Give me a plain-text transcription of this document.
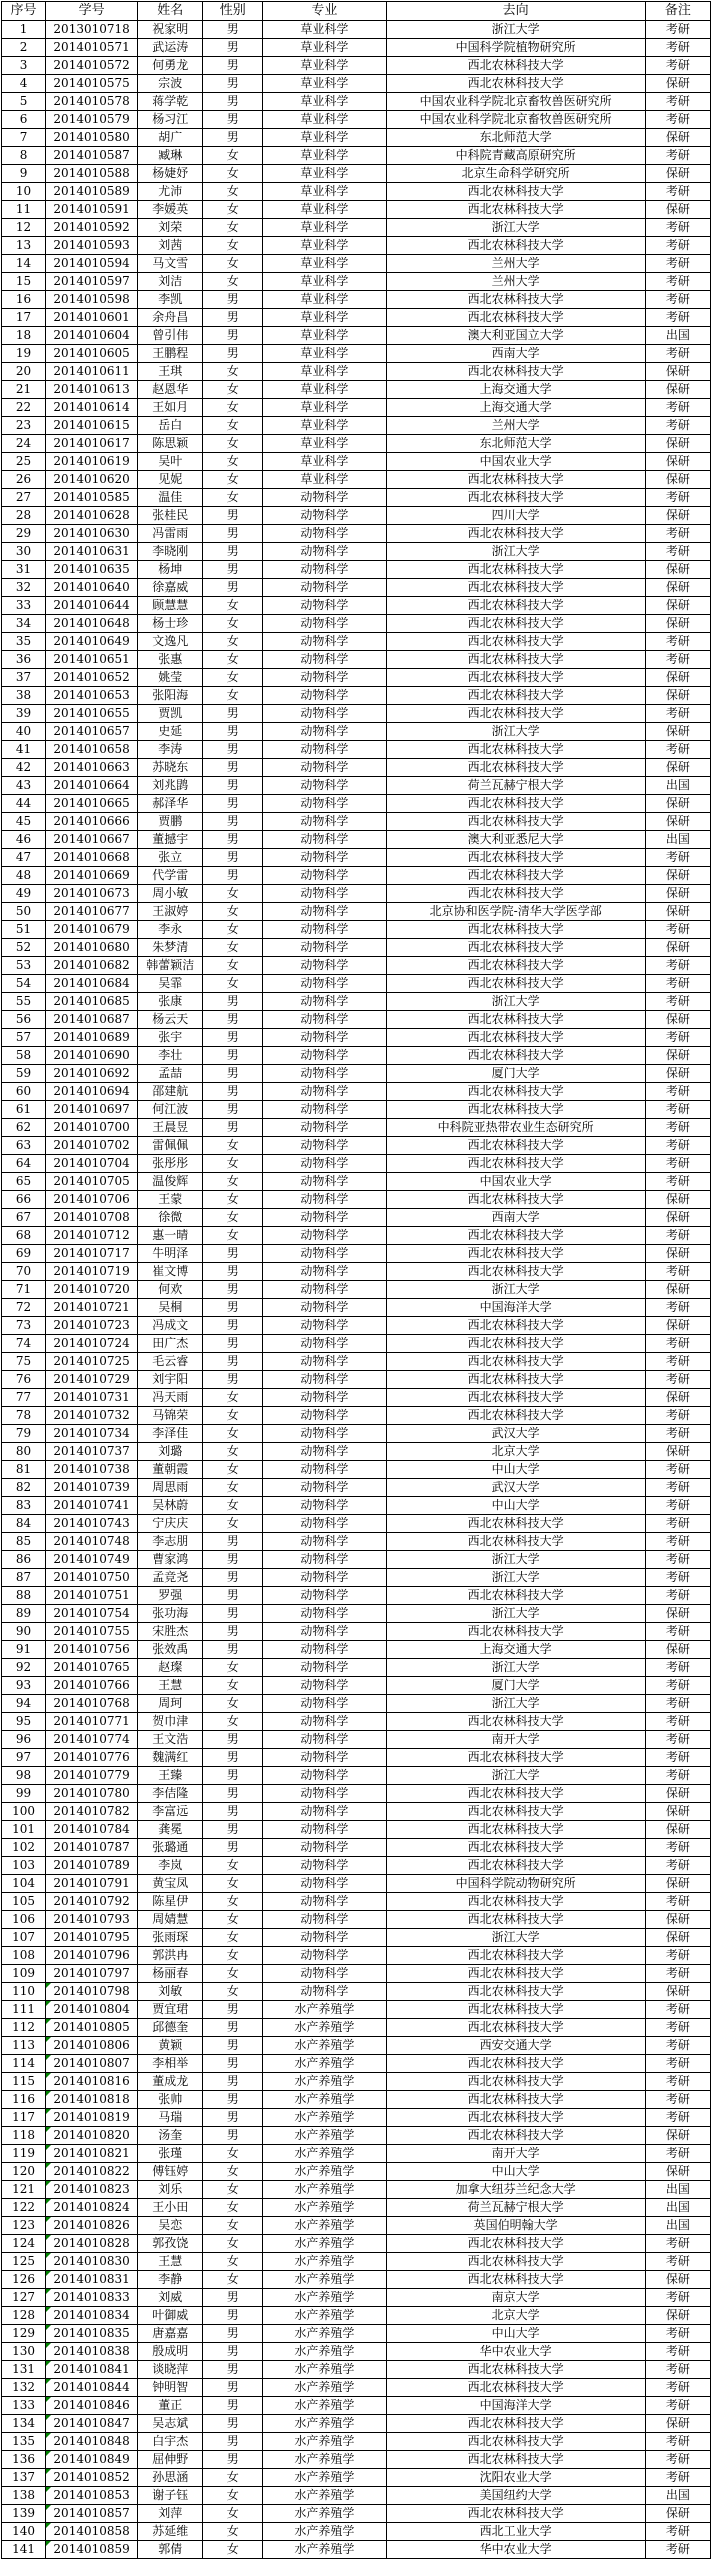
序号	学号	姓名	性别	专业	去向	备注
1	2013010718	祝家明	男	草业科学	浙江大学	考研
2	2014010571	武运涛	男	草业科学	中国科学院植物研究所	考研
3	2014010572	何勇龙	男	草业科学	西北农林科技大学	考研
4	2014010575	宗波	男	草业科学	西北农林科技大学	保研
5	2014010578	蒋学乾	男	草业科学	中国农业科学院北京畜牧兽医研究所	考研
6	2014010579	杨习江	男	草业科学	中国农业科学院北京畜牧兽医研究所	考研
7	2014010580	胡广	男	草业科学	东北师范大学	保研
8	2014010587	臧琳	女	草业科学	中科院青藏高原研究所	考研
9	2014010588	杨婕妤	女	草业科学	北京生命科学研究所	保研
10	2014010589	尤沛	女	草业科学	西北农林科技大学	考研
11	2014010591	李媛英	女	草业科学	西北农林科技大学	保研
12	2014010592	刘荣	女	草业科学	浙江大学	考研
13	2014010593	刘茜	女	草业科学	西北农林科技大学	考研
14	2014010594	马文雪	女	草业科学	兰州大学	考研
15	2014010597	刘洁	女	草业科学	兰州大学	考研
16	2014010598	李凯	男	草业科学	西北农林科技大学	考研
17	2014010601	余舟昌	男	草业科学	西北农林科技大学	考研
18	2014010604	曾引伟	男	草业科学	澳大利亚国立大学	出国
19	2014010605	王鹏程	男	草业科学	西南大学	考研
20	2014010611	王琪	女	草业科学	西北农林科技大学	保研
21	2014010613	赵恩华	女	草业科学	上海交通大学	保研
22	2014010614	王如月	女	草业科学	上海交通大学	考研
23	2014010615	岳白	女	草业科学	兰州大学	考研
24	2014010617	陈思颖	女	草业科学	东北师范大学	保研
25	2014010619	吴叶	女	草业科学	中国农业大学	保研
26	2014010620	见妮	女	草业科学	西北农林科技大学	保研
27	2014010585	温佳	女	动物科学	西北农林科技大学	考研
28	2014010628	张桂民	男	动物科学	四川大学	保研
29	2014010630	冯雷雨	男	动物科学	西北农林科技大学	考研
30	2014010631	李晓刚	男	动物科学	浙江大学	考研
31	2014010635	杨坤	男	动物科学	西北农林科技大学	保研
32	2014010640	徐嘉威	男	动物科学	西北农林科技大学	保研
33	2014010644	顾慧慧	女	动物科学	西北农林科技大学	保研
34	2014010648	杨士珍	女	动物科学	西北农林科技大学	保研
35	2014010649	文逸凡	女	动物科学	西北农林科技大学	考研
36	2014010651	张惠	女	动物科学	西北农林科技大学	考研
37	2014010652	姚莹	女	动物科学	西北农林科技大学	保研
38	2014010653	张阳海	女	动物科学	西北农林科技大学	保研
39	2014010655	贾凯	男	动物科学	西北农林科技大学	考研
40	2014010657	史延	男	动物科学	浙江大学	保研
41	2014010658	李涛	男	动物科学	西北农林科技大学	考研
42	2014010663	苏晓东	男	动物科学	西北农林科技大学	保研
43	2014010664	刘兆鹍	男	动物科学	荷兰瓦赫宁根大学	出国
44	2014010665	郝泽华	男	动物科学	西北农林科技大学	保研
45	2014010666	贾鹏	男	动物科学	西北农林科技大学	保研
46	2014010667	董撼宇	男	动物科学	澳大利亚悉尼大学	出国
47	2014010668	张立	男	动物科学	西北农林科技大学	考研
48	2014010669	代学雷	男	动物科学	西北农林科技大学	保研
49	2014010673	周小敏	女	动物科学	西北农林科技大学	保研
50	2014010677	王淑婷	女	动物科学	北京协和医学院-清华大学医学部	保研
51	2014010679	李永	女	动物科学	西北农林科技大学	考研
52	2014010680	朱梦清	女	动物科学	西北农林科技大学	保研
53	2014010682	韩蕾颖洁	女	动物科学	西北农林科技大学	考研
54	2014010684	吴霏	女	动物科学	西北农林科技大学	考研
55	2014010685	张康	男	动物科学	浙江大学	考研
56	2014010687	杨云天	男	动物科学	西北农林科技大学	保研
57	2014010689	张宇	男	动物科学	西北农林科技大学	考研
58	2014010690	李壮	男	动物科学	西北农林科技大学	保研
59	2014010692	孟喆	男	动物科学	厦门大学	保研
60	2014010694	邵建航	男	动物科学	西北农林科技大学	考研
61	2014010697	何江波	男	动物科学	西北农林科技大学	考研
62	2014010700	王晨昱	男	动物科学	中科院亚热带农业生态研究所	考研
63	2014010702	雷佩佩	女	动物科学	西北农林科技大学	考研
64	2014010704	张彤彤	女	动物科学	西北农林科技大学	考研
65	2014010705	温俊辉	女	动物科学	中国农业大学	考研
66	2014010706	王蒙	女	动物科学	西北农林科技大学	保研
67	2014010708	徐微	女	动物科学	西南大学	保研
68	2014010712	惠一晴	女	动物科学	西北农林科技大学	考研
69	2014010717	牛明泽	男	动物科学	西北农林科技大学	保研
70	2014010719	崔文博	男	动物科学	西北农林科技大学	考研
71	2014010720	何欢	男	动物科学	浙江大学	保研
72	2014010721	吴桐	男	动物科学	中国海洋大学	考研
73	2014010723	冯成文	男	动物科学	西北农林科技大学	保研
74	2014010724	田广杰	男	动物科学	西北农林科技大学	考研
75	2014010725	毛云睿	男	动物科学	西北农林科技大学	考研
76	2014010729	刘宇阳	男	动物科学	西北农林科技大学	考研
77	2014010731	冯天雨	女	动物科学	西北农林科技大学	保研
78	2014010732	马锦荣	女	动物科学	西北农林科技大学	考研
79	2014010734	李泽佳	女	动物科学	武汉大学	考研
80	2014010737	刘璐	女	动物科学	北京大学	保研
81	2014010738	董朝霞	女	动物科学	中山大学	考研
82	2014010739	周思雨	女	动物科学	武汉大学	考研
83	2014010741	吴林蔚	女	动物科学	中山大学	考研
84	2014010743	宁庆庆	女	动物科学	西北农林科技大学	考研
85	2014010748	李志朋	男	动物科学	西北农林科技大学	考研
86	2014010749	曹家鸿	男	动物科学	浙江大学	考研
87	2014010750	孟竞尧	男	动物科学	浙江大学	考研
88	2014010751	罗强	男	动物科学	西北农林科技大学	考研
89	2014010754	张功海	男	动物科学	浙江大学	保研
90	2014010755	宋胜杰	男	动物科学	西北农林科技大学	考研
91	2014010756	张效禹	男	动物科学	上海交通大学	保研
92	2014010765	赵璨	女	动物科学	浙江大学	考研
93	2014010766	王慧	女	动物科学	厦门大学	考研
94	2014010768	周珂	女	动物科学	浙江大学	考研
95	2014010771	贺巾津	女	动物科学	西北农林科技大学	考研
96	2014010774	王文浩	男	动物科学	南开大学	考研
97	2014010776	魏满红	男	动物科学	西北农林科技大学	考研
98	2014010779	王臻	男	动物科学	浙江大学	考研
99	2014010780	李佶隆	男	动物科学	西北农林科技大学	保研
100	2014010782	李富远	男	动物科学	西北农林科技大学	保研
101	2014010784	龚冕	男	动物科学	西北农林科技大学	保研
102	2014010787	张璐通	男	动物科学	西北农林科技大学	考研
103	2014010789	李岚	女	动物科学	西北农林科技大学	考研
104	2014010791	黄宝凤	女	动物科学	中国科学院动物研究所	保研
105	2014010792	陈星伊	女	动物科学	西北农林科技大学	考研
106	2014010793	周婧慧	女	动物科学	西北农林科技大学	保研
107	2014010795	张雨琛	女	动物科学	浙江大学	保研
108	2014010796	郭洪冉	女	动物科学	西北农林科技大学	考研
109	2014010797	杨丽春	女	动物科学	西北农林科技大学	考研
110	2014010798	刘敏	女	动物科学	西北农林科技大学	保研
111	2014010804	贾宜珺	男	水产养殖学	西北农林科技大学	考研
112	2014010805	邱德奎	男	水产养殖学	西北农林科技大学	考研
113	2014010806	黄颖	男	水产养殖学	西安交通大学	考研
114	2014010807	李相举	男	水产养殖学	西北农林科技大学	考研
115	2014010816	董成龙	男	水产养殖学	西北农林科技大学	考研
116	2014010818	张帅	男	水产养殖学	西北农林科技大学	考研
117	2014010819	马瑞	男	水产养殖学	西北农林科技大学	考研
118	2014010820	汤奎	男	水产养殖学	西北农林科技大学	保研
119	2014010821	张瑾	女	水产养殖学	南开大学	考研
120	2014010822	傅钰婷	女	水产养殖学	中山大学	保研
121	2014010823	刘乐	女	水产养殖学	加拿大纽芬兰纪念大学	出国
122	2014010824	王小田	女	水产养殖学	荷兰瓦赫宁根大学	出国
123	2014010826	吴恋	女	水产养殖学	英国伯明翰大学	出国
124	2014010828	郭孜饶	女	水产养殖学	西北农林科技大学	考研
125	2014010830	王慧	女	水产养殖学	西北农林科技大学	考研
126	2014010831	李静	女	水产养殖学	西北农林科技大学	保研
127	2014010833	刘威	男	水产养殖学	南京大学	考研
128	2014010834	叶御威	男	水产养殖学	北京大学	保研
129	2014010835	唐嘉嘉	男	水产养殖学	中山大学	考研
130	2014010838	殷成明	男	水产养殖学	华中农业大学	考研
131	2014010841	谈晓萍	男	水产养殖学	西北农林科技大学	考研
132	2014010844	钟明智	男	水产养殖学	西北农林科技大学	考研
133	2014010846	董正	男	水产养殖学	中国海洋大学	考研
134	2014010847	吴志斌	男	水产养殖学	西北农林科技大学	保研
135	2014010848	白宇杰	男	水产养殖学	西北农林科技大学	考研
136	2014010849	屈伸野	男	水产养殖学	西北农林科技大学	考研
137	2014010852	孙思涵	女	水产养殖学	沈阳农业大学	考研
138	2014010853	谢子钰	女	水产养殖学	美国纽约大学	出国
139	2014010857	刘萍	女	水产养殖学	西北农林科技大学	保研
140	2014010858	苏延维	女	水产养殖学	西北工业大学	考研
141	2014010859	郭倩	女	水产养殖学	华中农业大学	考研
